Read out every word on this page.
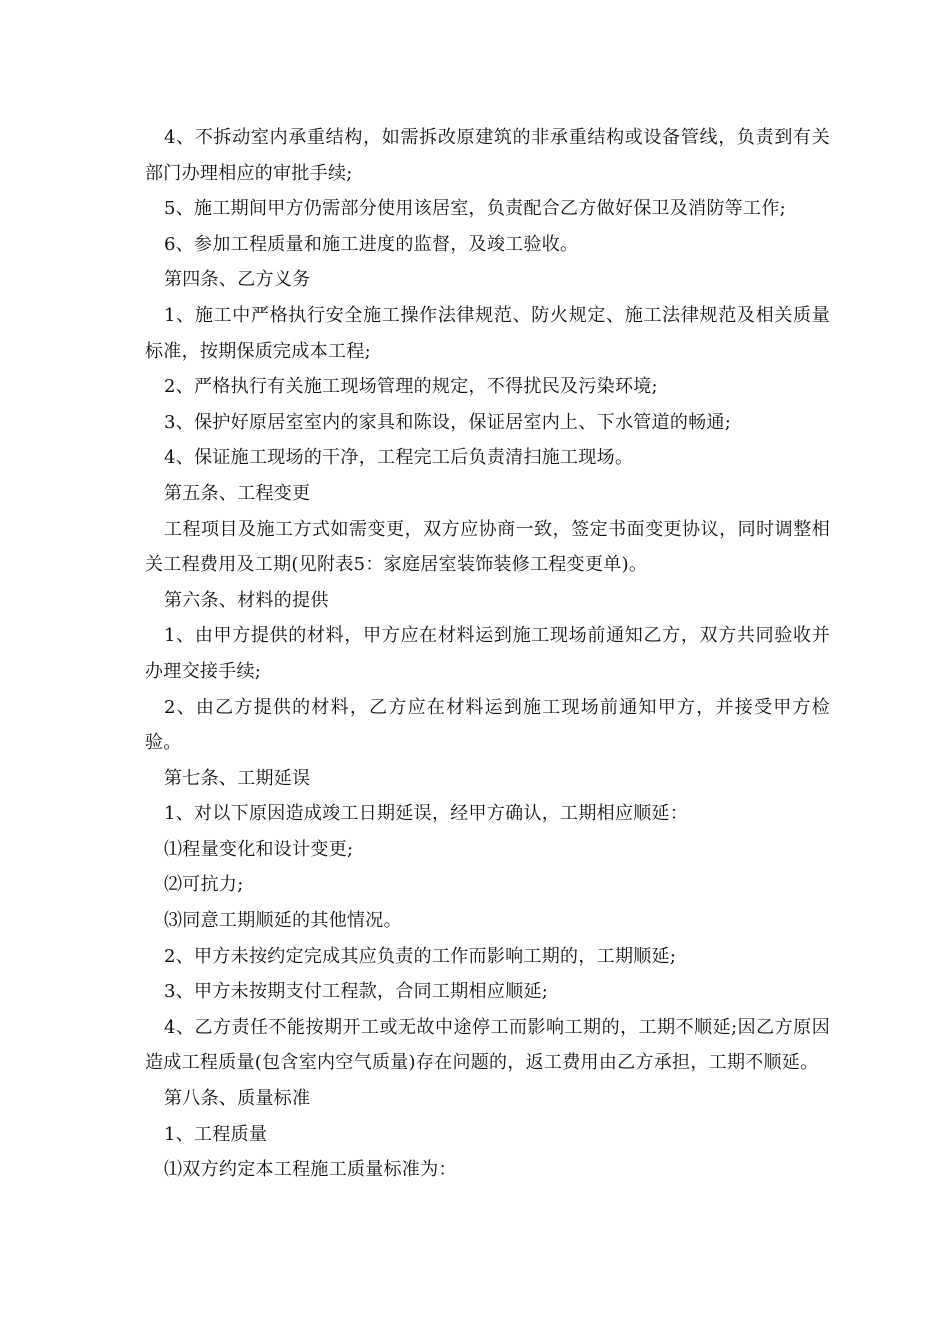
4、不拆动室内承重结构，如需拆改原建筑的非承重结构或设备管线，负责到有关部门办理相应的审批手续;

5、施工期间甲方仍需部分使用该居室，负责配合乙方做好保卫及消防等工作;

6、参加工程质量和施工进度的监督，及竣工验收。

第四条、乙方义务

1、施工中严格执行安全施工操作法律规范、防火规定、施工法律规范及相关质量标准，按期保质完成本工程;

2、严格执行有关施工现场管理的规定，不得扰民及污染环境;

3、保护好原居室室内的家具和陈设，保证居室内上、下水管道的畅通;

4、保证施工现场的干净，工程完工后负责清扫施工现场。

第五条、工程变更

工程项目及施工方式如需变更，双方应协商一致，签定书面变更协议，同时调整相关工程费用及工期(见附表5：家庭居室装饰装修工程变更单)。

第六条、材料的提供

1、由甲方提供的材料，甲方应在材料运到施工现场前通知乙方，双方共同验收并办理交接手续;

2、由乙方提供的材料，乙方应在材料运到施工现场前通知甲方，并接受甲方检验。

第七条、工期延误

1、对以下原因造成竣工日期延误，经甲方确认，工期相应顺延：

⑴程量变化和设计变更;

⑵可抗力;

⑶同意工期顺延的其他情况。

2、甲方未按约定完成其应负责的工作而影响工期的，工期顺延;

3、甲方未按期支付工程款，合同工期相应顺延;

4、乙方责任不能按期开工或无故中途停工而影响工期的，工期不顺延;因乙方原因造成工程质量(包含室内空气质量)存在问题的，返工费用由乙方承担，工期不顺延。

第八条、质量标准

1、工程质量

⑴双方约定本工程施工质量标准为：
